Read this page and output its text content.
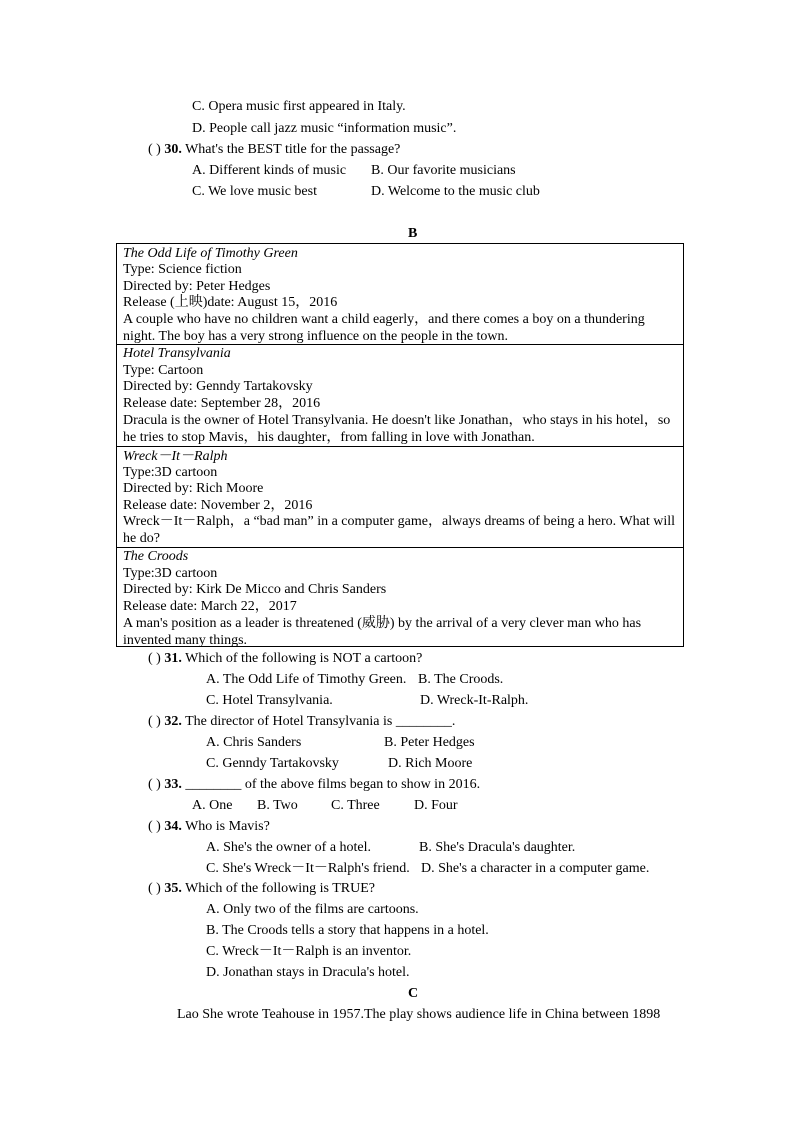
C. Opera music first appeared in Italy.
D. People call jazz music “information music”.
( ) 30. What's the BEST title for the passage?
A. Different kinds of music B. Our favorite musicians
C. We love music best	D. Welcome to the music club
B
The Odd Life of Timothy Green
Type: Science fiction
Directed by: Peter Hedges
Release (上映)date: August 15，2016
A couple who have no children want a child eagerly，and there comes a boy on a thundering night. The boy has a very strong influence on the people in the town.
Hotel Transylvania
Type: Cartoon
Directed by: Genndy Tartakovsky
Release date: September 28，2016
Dracula is the owner of Hotel Transylvania. He doesn't like Jonathan，who stays in his hotel，so he tries to stop Mavis，his daughter，from falling in love with Jonathan.
Wreck－It－Ralph
Type:3D cartoon
Directed by: Rich Moore
Release date: November 2，2016
Wreck－It－Ralph，a “bad man” in a computer game，always dreams of being a hero. What will he do?
The Croods
Type:3D cartoon
Directed by: Kirk De Micco and Chris Sanders
Release date: March 22，2017
A man's position as a leader is threatened (威胁) by the arrival of a very clever man who has invented many things.
( ) 31. Which of the following is NOT a cartoon?
A. The Odd Life of Timothy Green. B. The Croods.
C. Hotel Transylvania.	D. Wreck-It-Ralph.
( ) 32. The director of Hotel Transylvania is ________.
A. Chris Sanders	B. Peter Hedges
C. Genndy Tartakovsky	D. Rich Moore
( ) 33. ________ of the above films began to show in 2016.
A. One B. Two C. Three D. Four
( ) 34. Who is Mavis?
A. She's the owner of a hotel.	B. She's Dracula's daughter.
C. She's Wreck－It－Ralph's friend. D. She's a character in a computer game.
( ) 35. Which of the following is TRUE?
A. Only two of the films are cartoons.
B. The Croods tells a story that happens in a hotel.
C. Wreck－It－Ralph is an inventor.
D. Jonathan stays in Dracula's hotel.
C
Lao She wrote Teahouse in 1957.The play shows audience life in China between 1898
